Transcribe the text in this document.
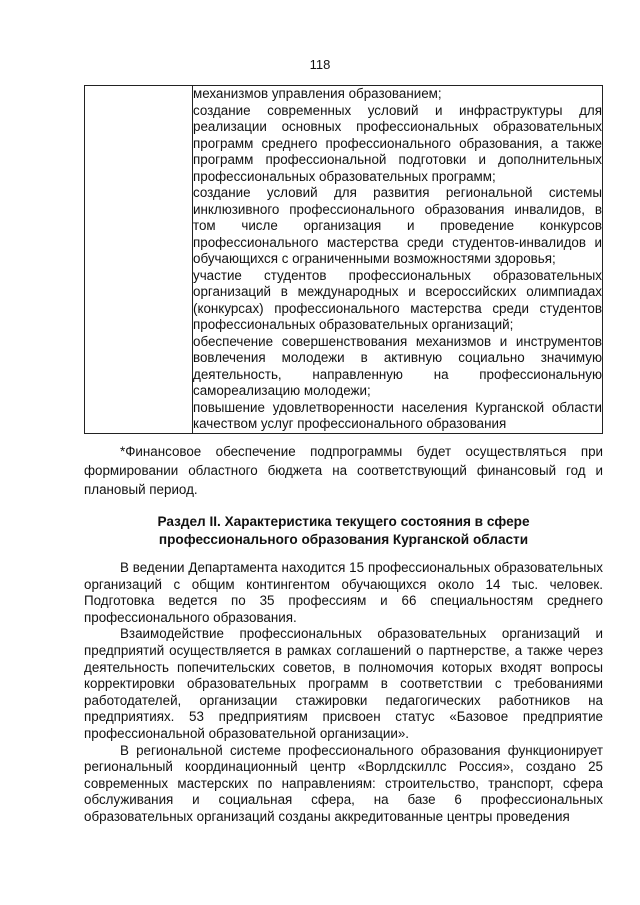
118

механизмов управления образованием;

создание современных условий и инфраструктуры для реализации основных профессиональных образовательных программ среднего профессионального образования, а также программ профессиональной подготовки и дополнительных профессиональных образовательных программ;

создание условий для развития региональной системы инклюзивного профессионального образования инвалидов, в том числе организация и проведение конкурсов профессионального мастерства среди студентов-инвалидов и обучающихся с ограниченными возможностями здоровья;

участие студентов профессиональных образовательных организаций в международных и всероссийских олимпиадах (конкурсах) профессионального мастерства среди студентов профессиональных образовательных организаций;

обеспечение совершенствования механизмов и инструментов вовлечения молодежи в активную социально значимую деятельность, направленную на профессиональную самореализацию молодежи;

повышение удовлетворенности населения Курганской области качеством услуг профессионального образования

*Финансовое обеспечение подпрограммы будет осуществляться при формировании областного бюджета на соответствующий финансовый год и плановый период.

Раздел II. Характеристика текущего состояния в сфере
профессионального образования Курганской области

В ведении Департамента находится 15 профессиональных образовательных организаций с общим контингентом обучающихся около 14 тыс. человек. Подготовка ведется по 35 профессиям и 66 специальностям среднего профессионального образования.

Взаимодействие профессиональных образовательных организаций и предприятий осуществляется в рамках соглашений о партнерстве, а также через деятельность попечительских советов, в полномочия которых входят вопросы корректировки образовательных программ в соответствии с требованиями работодателей, организации стажировки педагогических работников на предприятиях. 53 предприятиям присвоен статус «Базовое предприятие профессиональной образовательной организации».

В региональной системе профессионального образования функционирует региональный координационный центр «Ворлдскиллс Россия», создано 25 современных мастерских по направлениям: строительство, транспорт, сфера обслуживания и социальная сфера, на базе 6 профессиональных образовательных организаций созданы аккредитованные центры проведения
